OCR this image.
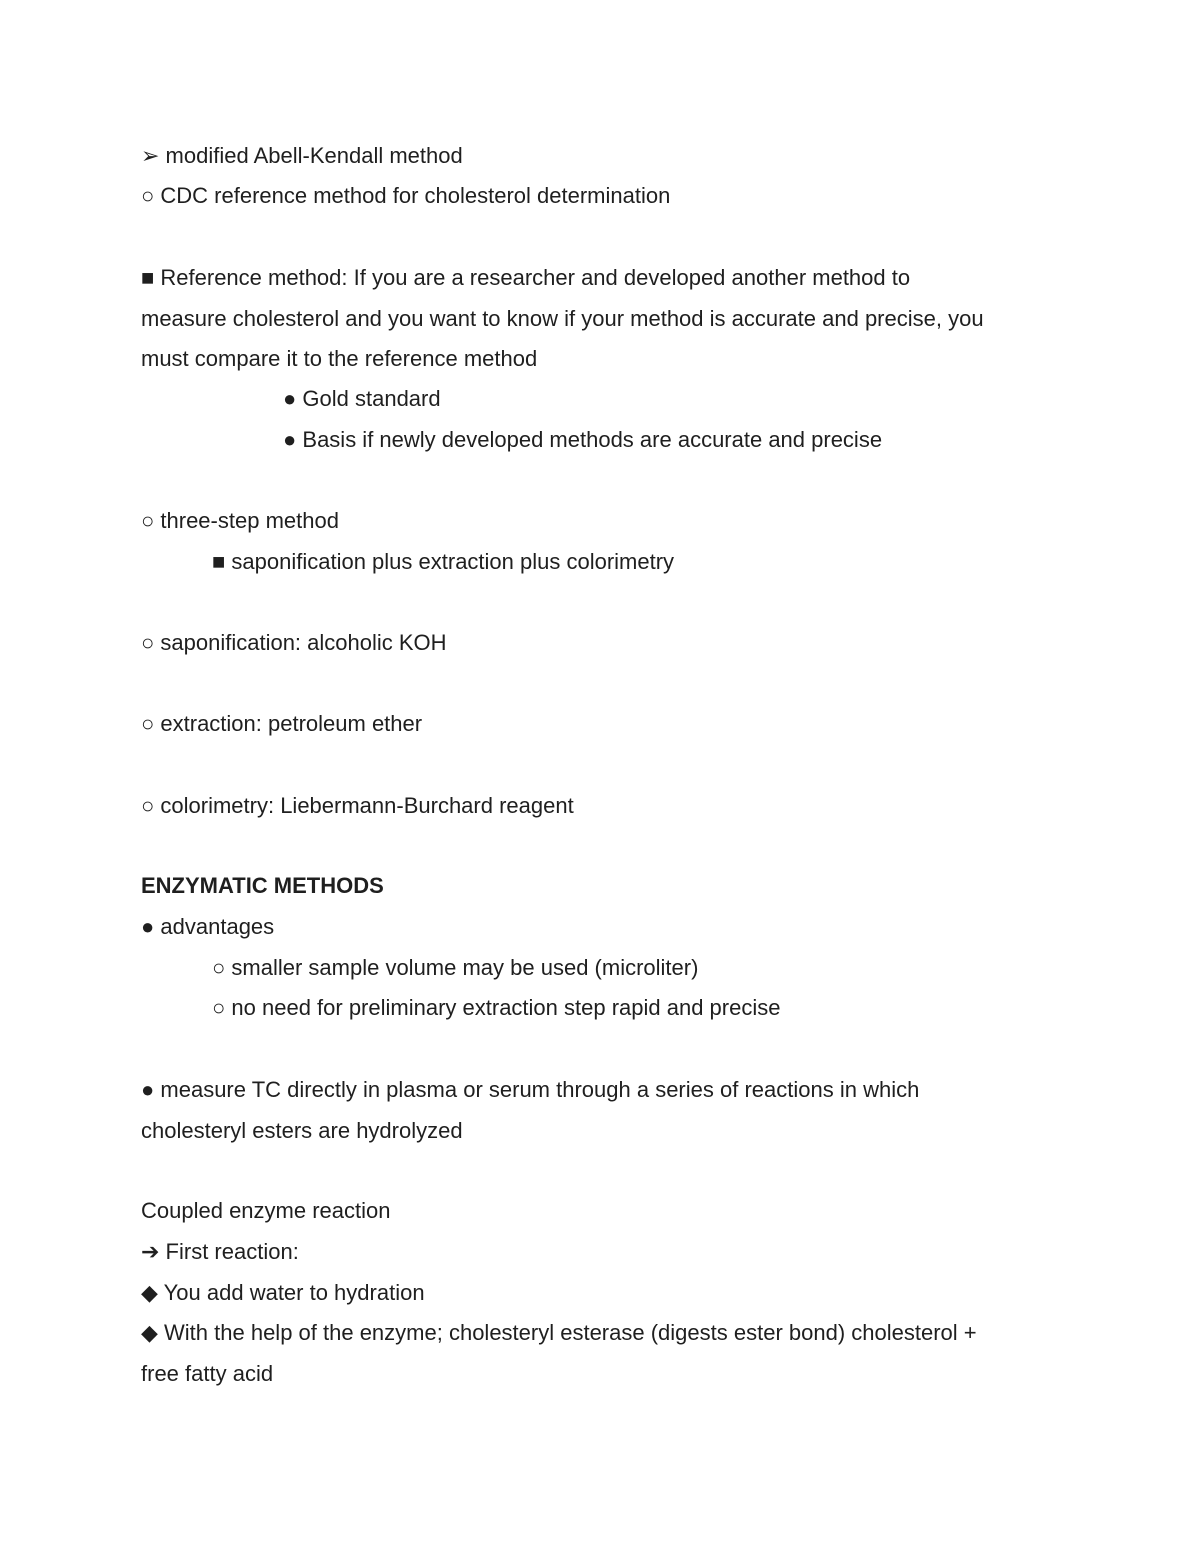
➢ modified Abell-Kendall method

○ CDC reference method for cholesterol determination

■ Reference method: If you are a researcher and developed another method to

measure cholesterol and you want to know if your method is accurate and precise, you

must compare it to the reference method

● Gold standard

● Basis if newly developed methods are accurate and precise

○ three-step method

■ saponification plus extraction plus colorimetry

○ saponification: alcoholic KOH

○ extraction: petroleum ether

○ colorimetry: Liebermann-Burchard reagent

ENZYMATIC METHODS

● advantages

○ smaller sample volume may be used (microliter)

○ no need for preliminary extraction step rapid and precise

● measure TC directly in plasma or serum through a series of reactions in which

cholesteryl esters are hydrolyzed

Coupled enzyme reaction

➔ First reaction:

◆ You add water to hydration

◆ With the help of the enzyme; cholesteryl esterase (digests ester bond) cholesterol +

free fatty acid
